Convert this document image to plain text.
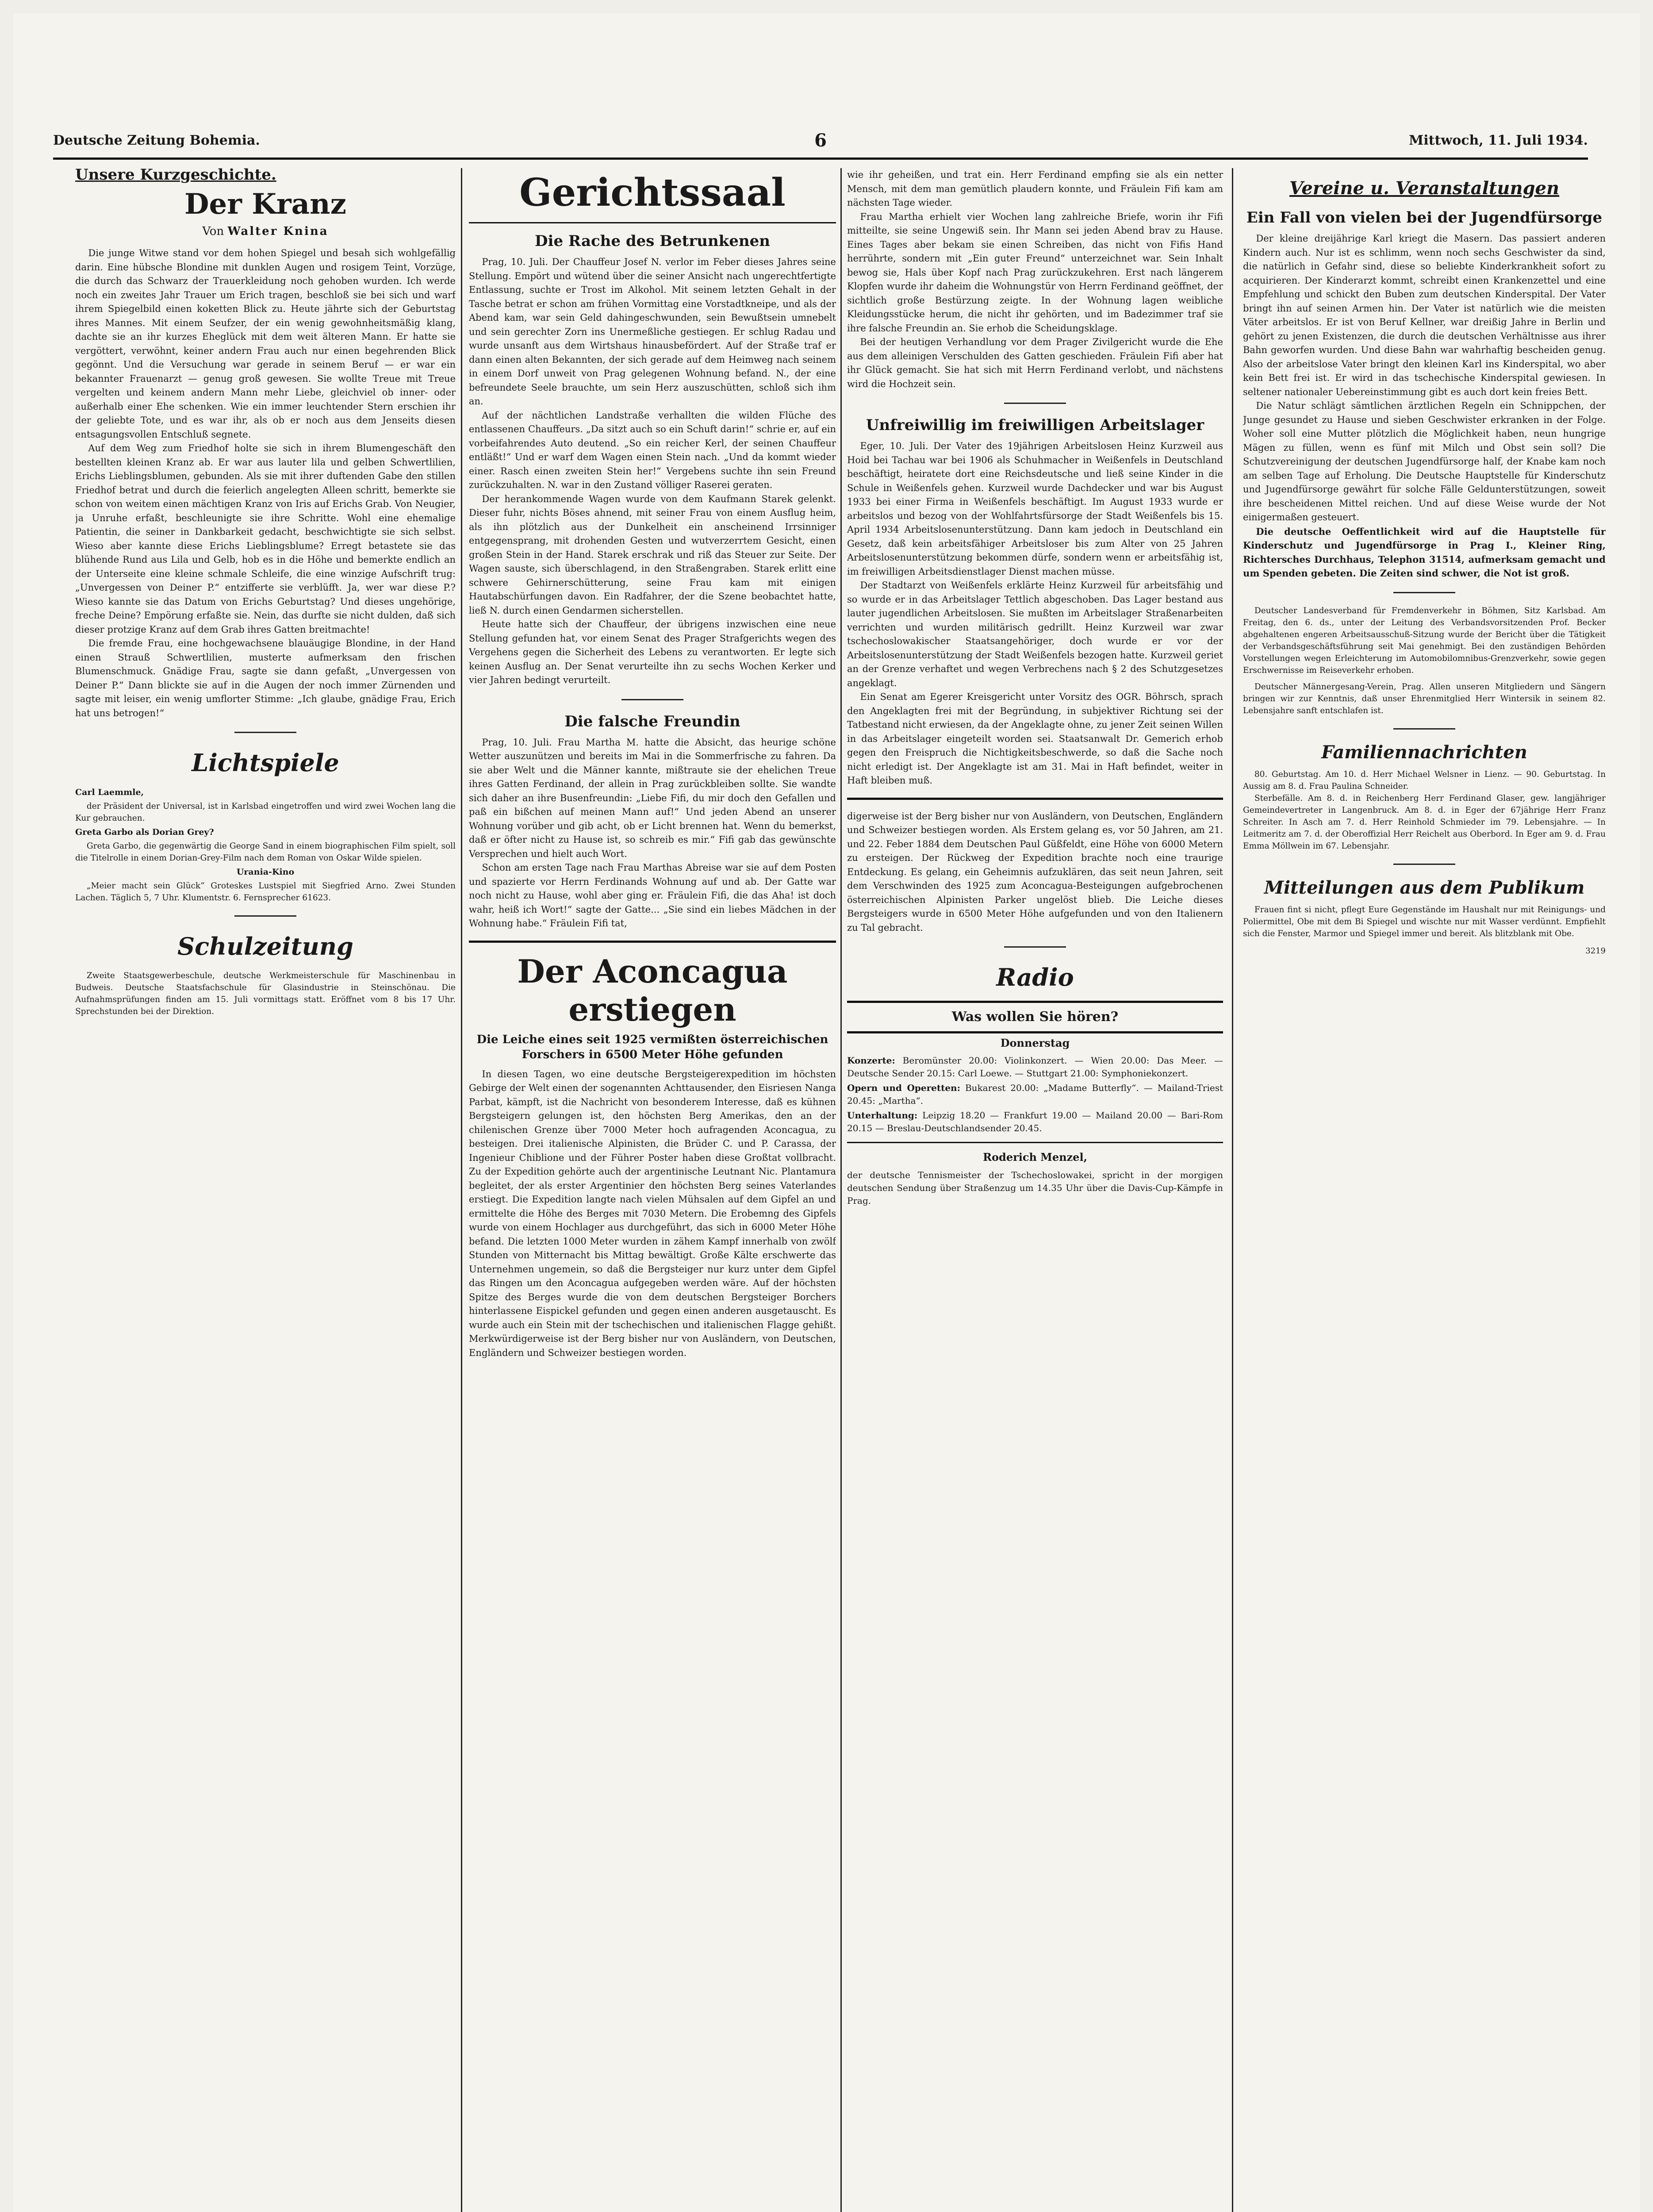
Deutsche Zeitung Bohemia.	6	Mittwoch, 11. Juli 1934.
Unsere Kurzgeschichte.
Der Kranz
Von Walter Knina

Die junge Witwe stand vor dem hohen Spiegel und besah sich wohlgefällig darin. Eine hübsche Blondine mit dunklen Augen und rosigem Teint, Vorzüge, die durch das Schwarz der Trauerkleidung noch gehoben wurden. Ich werde noch ein zweites Jahr Trauer um Erich tragen, beschloß sie bei sich und warf ihrem Spiegelbild einen koketten Blick zu. Heute jährte sich der Geburtstag ihres Mannes. Mit einem Seufzer, der ein wenig gewohnheitsmäßig klang, dachte sie an ihr kurzes Eheglück mit dem weit älteren Mann. Er hatte sie vergöttert, verwöhnt, keiner andern Frau auch nur einen begehrenden Blick gegönnt. Und die Versuchung war gerade in seinem Beruf — er war ein bekannter Frauenarzt — genug groß gewesen. Sie wollte Treue mit Treue vergelten und keinem andern Mann mehr Liebe, gleichviel ob inner- oder außerhalb einer Ehe schenken. Wie ein immer leuchtender Stern erschien ihr der geliebte Tote, und es war ihr, als ob er noch aus dem Jenseits diesen entsagungsvollen Entschluß segnete.

Auf dem Weg zum Friedhof holte sie sich in ihrem Blumengeschäft den bestellten kleinen Kranz ab. Er war aus lauter lila und gelben Schwertlilien, Erichs Lieblingsblumen, gebunden. Als sie mit ihrer duftenden Gabe den stillen Friedhof betrat und durch die feierlich angelegten Alleen schritt, bemerkte sie schon von weitem einen mächtigen Kranz von Iris auf Erichs Grab. Von Neugier, ja Unruhe erfaßt, beschleunigte sie ihre Schritte. Wohl eine ehemalige Patientin, die seiner in Dankbarkeit gedacht, beschwichtigte sie sich selbst. Wieso aber kannte diese Erichs Lieblingsblume? Erregt betastete sie das blühende Rund aus Lila und Gelb, hob es in die Höhe und bemerkte endlich an der Unterseite eine kleine schmale Schleife, die eine winzige Aufschrift trug: „Unvergessen von Deiner P.“ entzifferte sie verblüfft. Ja, wer war diese P.? Wieso kannte sie das Datum von Erichs Geburtstag? Und dieses ungehörige, freche Deine? Empörung erfaßte sie. Nein, das durfte sie nicht dulden, daß sich dieser protzige Kranz auf dem Grab ihres Gatten breitmachte!

Die fremde Frau, eine hochgewachsene blauäugige Blondine, in der Hand einen Strauß Schwertlilien, musterte aufmerksam den frischen Blumenschmuck. Gnädige Frau, sagte sie dann gefaßt, „Unvergessen von Deiner P.“ Dann blickte sie auf in die Augen der noch immer Zürnenden und sagte mit leiser, ein wenig umflorter Stimme: „Ich glaube, gnädige Frau, Erich hat uns betrogen!“

Lichtspiele

Carl Laemmle,

der Präsident der Universal, ist in Karlsbad eingetroffen und wird zwei Wochen lang die Kur gebrauchen.

Greta Garbo als Dorian Grey?

Greta Garbo, die gegenwärtig die George Sand in einem biographischen Film spielt, soll die Titelrolle in einem Dorian-Grey-Film nach dem Roman von Oskar Wilde spielen.

Urania-Kino

„Meier macht sein Glück“ Groteskes Lustspiel mit Siegfried Arno. Zwei Stunden Lachen. Täglich 5, 7 Uhr. Klumentstr. 6. Fernsprecher 61623.

Schulzeitung

Zweite Staatsgewerbeschule, deutsche Werkmeisterschule für Maschinenbau in Budweis. Deutsche Staatsfachschule für Glasindustrie in Steinschönau. Die Aufnahmsprüfungen finden am 15. Juli vormittags statt. Eröffnet vom 8 bis 17 Uhr. Sprechstunden bei der Direktion.

Gerichtssaal
Die Rache des Betrunkenen

Prag, 10. Juli. Der Chauffeur Josef N. verlor im Feber dieses Jahres seine Stellung. Empört und wütend über die seiner Ansicht nach ungerechtfertigte Entlassung, suchte er Trost im Alkohol. Mit seinem letzten Gehalt in der Tasche betrat er schon am frühen Vormittag eine Vorstadtkneipe, und als der Abend kam, war sein Geld dahingeschwunden, sein Bewußtsein umnebelt und sein gerechter Zorn ins Unermeßliche gestiegen. Er schlug Radau und wurde unsanft aus dem Wirtshaus hinausbefördert. Auf der Straße traf er dann einen alten Bekannten, der sich gerade auf dem Heimweg nach seinem in einem Dorf unweit von Prag gelegenen Wohnung befand. N., der eine befreundete Seele brauchte, um sein Herz auszuschütten, schloß sich ihm an.

Auf der nächtlichen Landstraße verhallten die wilden Flüche des entlassenen Chauffeurs. „Da sitzt auch so ein Schuft darin!“ schrie er, auf ein vorbeifahrendes Auto deutend. „So ein reicher Kerl, der seinen Chauffeur entläßt!“ Und er warf dem Wagen einen Stein nach. „Und da kommt wieder einer. Rasch einen zweiten Stein her!“ Vergebens suchte ihn sein Freund zurückzuhalten. N. war in den Zustand völliger Raserei geraten.

Der herankommende Wagen wurde von dem Kaufmann Starek gelenkt. Dieser fuhr, nichts Böses ahnend, mit seiner Frau von einem Ausflug heim, als ihn plötzlich aus der Dunkelheit ein anscheinend Irrsinniger entgegensprang, mit drohenden Gesten und wutverzerrtem Gesicht, einen großen Stein in der Hand. Starek erschrak und riß das Steuer zur Seite. Der Wagen sauste, sich überschlagend, in den Straßengraben. Starek erlitt eine schwere Gehirnerschütterung, seine Frau kam mit einigen Hautabschürfungen davon. Ein Radfahrer, der die Szene beobachtet hatte, ließ N. durch einen Gendarmen sicherstellen.

Heute hatte sich der Chauffeur, der übrigens inzwischen eine neue Stellung gefunden hat, vor einem Senat des Prager Strafgerichts wegen des Vergehens gegen die Sicherheit des Lebens zu verantworten. Er legte sich keinen Ausflug an. Der Senat verurteilte ihn zu sechs Wochen Kerker und vier Jahren bedingt verurteilt.

Die falsche Freundin

Prag, 10. Juli. Frau Martha M. hatte die Absicht, das heurige schöne Wetter auszunützen und bereits im Mai in die Sommerfrische zu fahren. Da sie aber Welt und die Männer kannte, mißtraute sie der ehelichen Treue ihres Gatten Ferdinand, der allein in Prag zurückbleiben sollte. Sie wandte sich daher an ihre Busenfreundin: „Liebe Fifi, du mir doch den Gefallen und paß ein bißchen auf meinen Mann auf!“ Und jeden Abend an unserer Wohnung vorüber und gib acht, ob er Licht brennen hat. Wenn du bemerkst, daß er öfter nicht zu Hause ist, so schreib es mir.“ Fifi gab das gewünschte Versprechen und hielt auch Wort.

Schon am ersten Tage nach Frau Marthas Abreise war sie auf dem Posten und spazierte vor Herrn Ferdinands Wohnung auf und ab. Der Gatte war noch nicht zu Hause, wohl aber ging er. Fräulein Fifi, die das Aha! ist doch wahr, heiß ich Wort!“ sagte der Gatte... „Sie sind ein liebes Mädchen in der Wohnung habe.“ Fräulein Fifi tat,

Der Aconcagua erstiegen
Die Leiche eines seit 1925 vermißten österreichischen Forschers in 6500 Meter Höhe gefunden

In diesen Tagen, wo eine deutsche Bergsteigerexpedition im höchsten Gebirge der Welt einen der sogenannten Achttausender, den Eisriesen Nanga Parbat, kämpft, ist die Nachricht von besonderem Interesse, daß es kühnen Bergsteigern gelungen ist, den höchsten Berg Amerikas, den an der chilenischen Grenze über 7000 Meter hoch aufragenden Aconcagua, zu besteigen. Drei italienische Alpinisten, die Brüder C. und P. Carassa, der Ingenieur Chiblione und der Führer Poster haben diese Großtat vollbracht. Zu der Expedition gehörte auch der argentinische Leutnant Nic. Plantamura begleitet, der als erster Argentinier den höchsten Berg seines Vaterlandes erstiegt. Die Expedition langte nach vielen Mühsalen auf dem Gipfel an und ermittelte die Höhe des Berges mit 7030 Metern. Die Erobemng des Gipfels wurde von einem Hochlager aus durchgeführt, das sich in 6000 Meter Höhe befand. Die letzten 1000 Meter wurden in zähem Kampf innerhalb von zwölf Stunden von Mitternacht bis Mittag bewältigt. Große Kälte erschwerte das Unternehmen ungemein, so daß die Bergsteiger nur kurz unter dem Gipfel das Ringen um den Aconcagua aufgegeben werden wäre. Auf der höchsten Spitze des Berges wurde die von dem deutschen Bergsteiger Borchers hinterlassene Eispickel gefunden und gegen einen anderen ausgetauscht. Es wurde auch ein Stein mit der tschechischen und italienischen Flagge gehißt. Merkwürdigerweise ist der Berg bisher nur von Ausländern, von Deutschen, Engländern und Schweizer bestiegen worden.

wie ihr geheißen, und trat ein. Herr Ferdinand empfing sie als ein netter Mensch, mit dem man gemütlich plaudern konnte, und Fräulein Fifi kam am nächsten Tage wieder.

Frau Martha erhielt vier Wochen lang zahlreiche Briefe, worin ihr Fifi mitteilte, sie seine Ungewiß sein. Ihr Mann sei jeden Abend brav zu Hause. Eines Tages aber bekam sie einen Schreiben, das nicht von Fifis Hand herrührte, sondern mit „Ein guter Freund“ unterzeichnet war. Sein Inhalt bewog sie, Hals über Kopf nach Prag zurückzukehren. Erst nach längerem Klopfen wurde ihr daheim die Wohnungstür von Herrn Ferdinand geöffnet, der sichtlich große Bestürzung zeigte. In der Wohnung lagen weibliche Kleidungsstücke herum, die nicht ihr gehörten, und im Badezimmer traf sie ihre falsche Freundin an. Sie erhob die Scheidungsklage.

Bei der heutigen Verhandlung vor dem Prager Zivilgericht wurde die Ehe aus dem alleinigen Verschulden des Gatten geschieden. Fräulein Fifi aber hat ihr Glück gemacht. Sie hat sich mit Herrn Ferdinand verlobt, und nächstens wird die Hochzeit sein.

Unfreiwillig im freiwilligen Arbeitslager

Eger, 10. Juli. Der Vater des 19jährigen Arbeitslosen Heinz Kurzweil aus Hoid bei Tachau war bei 1906 als Schuhmacher in Weißenfels in Deutschland beschäftigt, heiratete dort eine Reichsdeutsche und ließ seine Kinder in die Schule in Weißenfels gehen. Kurzweil wurde Dachdecker und war bis August 1933 bei einer Firma in Weißenfels beschäftigt. Im August 1933 wurde er arbeitslos und bezog von der Wohlfahrtsfürsorge der Stadt Weißenfels bis 15. April 1934 Arbeitslosenunterstützung. Dann kam jedoch in Deutschland ein Gesetz, daß kein arbeitsfähiger Arbeitsloser bis zum Alter von 25 Jahren Arbeitslosenunterstützung bekommen dürfe, sondern wenn er arbeitsfähig ist, im freiwilligen Arbeitsdienstlager Dienst machen müsse.

Der Stadtarzt von Weißenfels erklärte Heinz Kurzweil für arbeitsfähig und so wurde er in das Arbeitslager Tettlich abgeschoben. Das Lager bestand aus lauter jugendlichen Arbeitslosen. Sie mußten im Arbeitslager Straßenarbeiten verrichten und wurden militärisch gedrillt. Heinz Kurzweil war zwar tschechoslowakischer Staatsangehöriger, doch wurde er vor der Arbeitslosenunterstützung der Stadt Weißenfels bezogen hatte. Kurzweil geriet an der Grenze verhaftet und wegen Verbrechens nach § 2 des Schutzgesetzes angeklagt.

Ein Senat am Egerer Kreisgericht unter Vorsitz des OGR. Böhrsch, sprach den Angeklagten frei mit der Begründung, in subjektiver Richtung sei der Tatbestand nicht erwiesen, da der Angeklagte ohne, zu jener Zeit seinen Willen in das Arbeitslager eingeteilt worden sei. Staatsanwalt Dr. Gemerich erhob gegen den Freispruch die Nichtigkeitsbeschwerde, so daß die Sache noch nicht erledigt ist. Der Angeklagte ist am 31. Mai in Haft befindet, weiter in Haft bleiben muß.

digerweise ist der Berg bisher nur von Ausländern, von Deutschen, Engländern und Schweizer bestiegen worden. Als Erstem gelang es, vor 50 Jahren, am 21. und 22. Feber 1884 dem Deutschen Paul Güßfeldt, eine Höhe von 6000 Metern zu ersteigen. Der Rückweg der Expedition brachte noch eine traurige Entdeckung. Es gelang, ein Geheimnis aufzuklären, das seit neun Jahren, seit dem Verschwinden des 1925 zum Aconcagua-Besteigungen aufgebrochenen österreichischen Alpinisten Parker ungelöst blieb. Die Leiche dieses Bergsteigers wurde in 6500 Meter Höhe aufgefunden und von den Italienern zu Tal gebracht.

Radio
Was wollen Sie hören?
Donnerstag

Konzerte: Beromünster 20.00: Violinkonzert. — Wien 20.00: Das Meer. — Deutsche Sender 20.15: Carl Loewe. — Stuttgart 21.00: Symphoniekonzert.

Opern und Operetten: Bukarest 20.00: „Madame Butterfly“. — Mailand-Triest 20.45: „Martha“.

Unterhaltung: Leipzig 18.20 — Frankfurt 19.00 — Mailand 20.00 — Bari-Rom 20.15 — Breslau-Deutschlandsender 20.45.

Roderich Menzel,

der deutsche Tennismeister der Tschechoslowakei, spricht in der morgigen deutschen Sendung über Straßenzug um 14.35 Uhr über die Davis-Cup-Kämpfe in Prag.

Vereine u. Veranstaltungen
Ein Fall von vielen bei der Jugendfürsorge

Der kleine dreijährige Karl kriegt die Masern. Das passiert anderen Kindern auch. Nur ist es schlimm, wenn noch sechs Geschwister da sind, die natürlich in Gefahr sind, diese so beliebte Kinderkrankheit sofort zu acquirieren. Der Kinderarzt kommt, schreibt einen Krankenzettel und eine Empfehlung und schickt den Buben zum deutschen Kinderspital. Der Vater bringt ihn auf seinen Armen hin. Der Vater ist natürlich wie die meisten Väter arbeitslos. Er ist von Beruf Kellner, war dreißig Jahre in Berlin und gehört zu jenen Existenzen, die durch die deutschen Verhältnisse aus ihrer Bahn geworfen wurden. Und diese Bahn war wahrhaftig bescheiden genug. Also der arbeitslose Vater bringt den kleinen Karl ins Kinderspital, wo aber kein Bett frei ist. Er wird in das tschechische Kinderspital gewiesen. In seltener nationaler Uebereinstimmung gibt es auch dort kein freies Bett.

Die Natur schlägt sämtlichen ärztlichen Regeln ein Schnippchen, der Junge gesundet zu Hause und sieben Geschwister erkranken in der Folge. Woher soll eine Mutter plötzlich die Möglichkeit haben, neun hungrige Mägen zu füllen, wenn es fünf mit Milch und Obst sein soll? Die Schutzvereinigung der deutschen Jugendfürsorge half, der Knabe kam noch am selben Tage auf Erholung. Die Deutsche Hauptstelle für Kinderschutz und Jugendfürsorge gewährt für solche Fälle Geldunterstützungen, soweit ihre bescheidenen Mittel reichen. Und auf diese Weise wurde der Not einigermaßen gesteuert.

Die deutsche Oeffentlichkeit wird auf die Hauptstelle für Kinderschutz und Jugendfürsorge in Prag I., Kleiner Ring, Richtersches Durchhaus, Telephon 31514, aufmerksam gemacht und um Spenden gebeten. Die Zeiten sind schwer, die Not ist groß.

Deutscher Landesverband für Fremdenverkehr in Böhmen, Sitz Karlsbad. Am Freitag, den 6. ds., unter der Leitung des Verbandsvorsitzenden Prof. Becker abgehaltenen engeren Arbeitsausschuß-Sitzung wurde der Bericht über die Tätigkeit der Verbandsgeschäftsführung seit Mai genehmigt. Bei den zuständigen Behörden Vorstellungen wegen Erleichterung im Automobilomnibus-Grenzverkehr, sowie gegen Erschwernisse im Reiseverkehr erhoben.

Deutscher Männergesang-Verein, Prag. Allen unseren Mitgliedern und Sängern bringen wir zur Kenntnis, daß unser Ehrenmitglied Herr Wintersik in seinem 82. Lebensjahre sanft entschlafen ist.

Familiennachrichten

80. Geburtstag. Am 10. d. Herr Michael Welsner in Lienz. — 90. Geburtstag. In Aussig am 8. d. Frau Paulina Schneider.

Sterbefälle. Am 8. d. in Reichenberg Herr Ferdinand Glaser, gew. langjähriger Gemeindevertreter in Langenbruck. Am 8. d. in Eger der 67jährige Herr Franz Schreiter. In Asch am 7. d. Herr Reinhold Schmieder im 79. Lebensjahre. — In Leitmeritz am 7. d. der Oberoffizial Herr Reichelt aus Oberbord. In Eger am 9. d. Frau Emma Möllwein im 67. Lebensjahr.

Mitteilungen aus dem Publikum

Frauen fint si nicht, pflegt Eure Gegenstände im Haushalt nur mit Reinigungs- und Poliermittel, Obe mit dem Bi Spiegel und wischte nur mit Wasser verdünnt. Empfiehlt sich die Fenster, Marmor und Spiegel immer und bereit. Als blitzblank mit Obe.

3219
